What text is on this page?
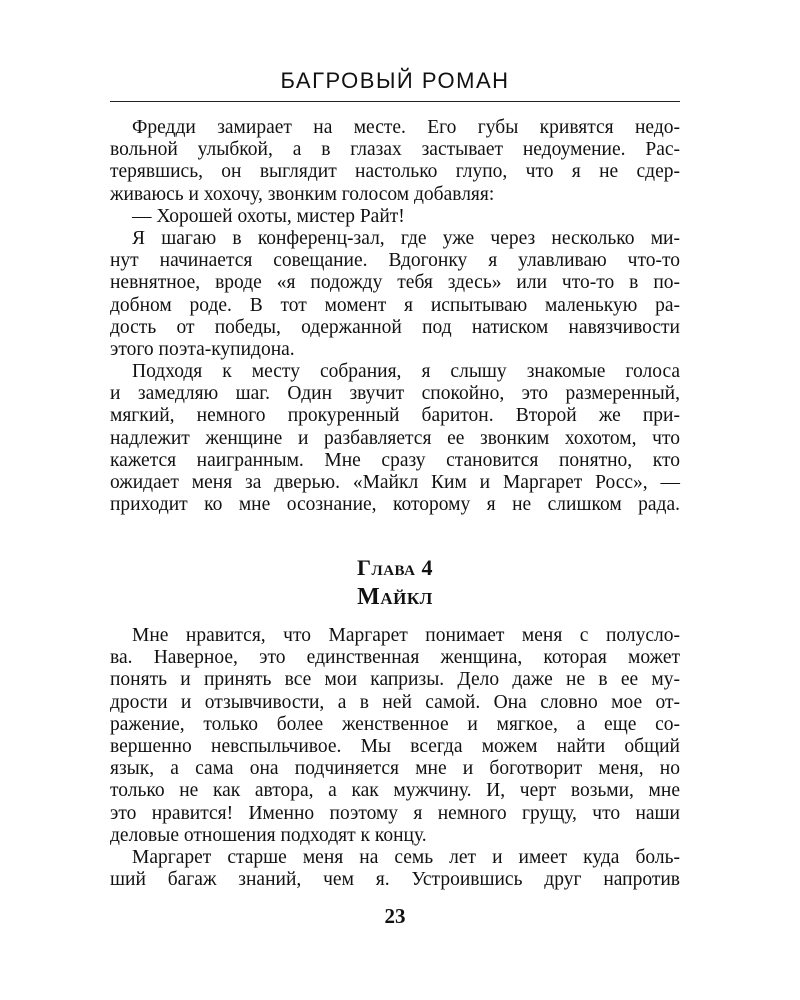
БАГРОВЫЙ РОМАН
Фредди замирает на месте. Его губы кривятся недо-
вольной улыбкой, а в глазах застывает недоумение. Рас-
терявшись, он выглядит настолько глупо, что я не сдер-
живаюсь и хохочу, звонким голосом добавляя:
— Хорошей охоты, мистер Райт!
Я шагаю в конференц-зал, где уже через несколько ми-
нут начинается совещание. Вдогонку я улавливаю что-то
невнятное, вроде «я подожду тебя здесь» или что-то в по-
добном роде. В тот момент я испытываю маленькую ра-
дость от победы, одержанной под натиском навязчивости
этого поэта-купидона.
Подходя к месту собрания, я слышу знакомые голоса
и замедляю шаг. Один звучит спокойно, это размеренный,
мягкий, немного прокуренный баритон. Второй же при-
надлежит женщине и разбавляется ее звонким хохотом, что
кажется наигранным. Мне сразу становится понятно, кто
ожидает меня за дверью. «Майкл Ким и Маргарет Росс», —
приходит ко мне осознание, которому я не слишком рада.
Глава 4
Майкл
Мне нравится, что Маргарет понимает меня с полусло-
ва. Наверное, это единственная женщина, которая может
понять и принять все мои капризы. Дело даже не в ее му-
дрости и отзывчивости, а в ней самой. Она словно мое от-
ражение, только более женственное и мягкое, а еще со-
вершенно невспыльчивое. Мы всегда можем найти общий
язык, а сама она подчиняется мне и боготворит меня, но
только не как автора, а как мужчину. И, черт возьми, мне
это нравится! Именно поэтому я немного грущу, что наши
деловые отношения подходят к концу.
Маргарет старше меня на семь лет и имеет куда боль-
ший багаж знаний, чем я. Устроившись друг напротив
23
